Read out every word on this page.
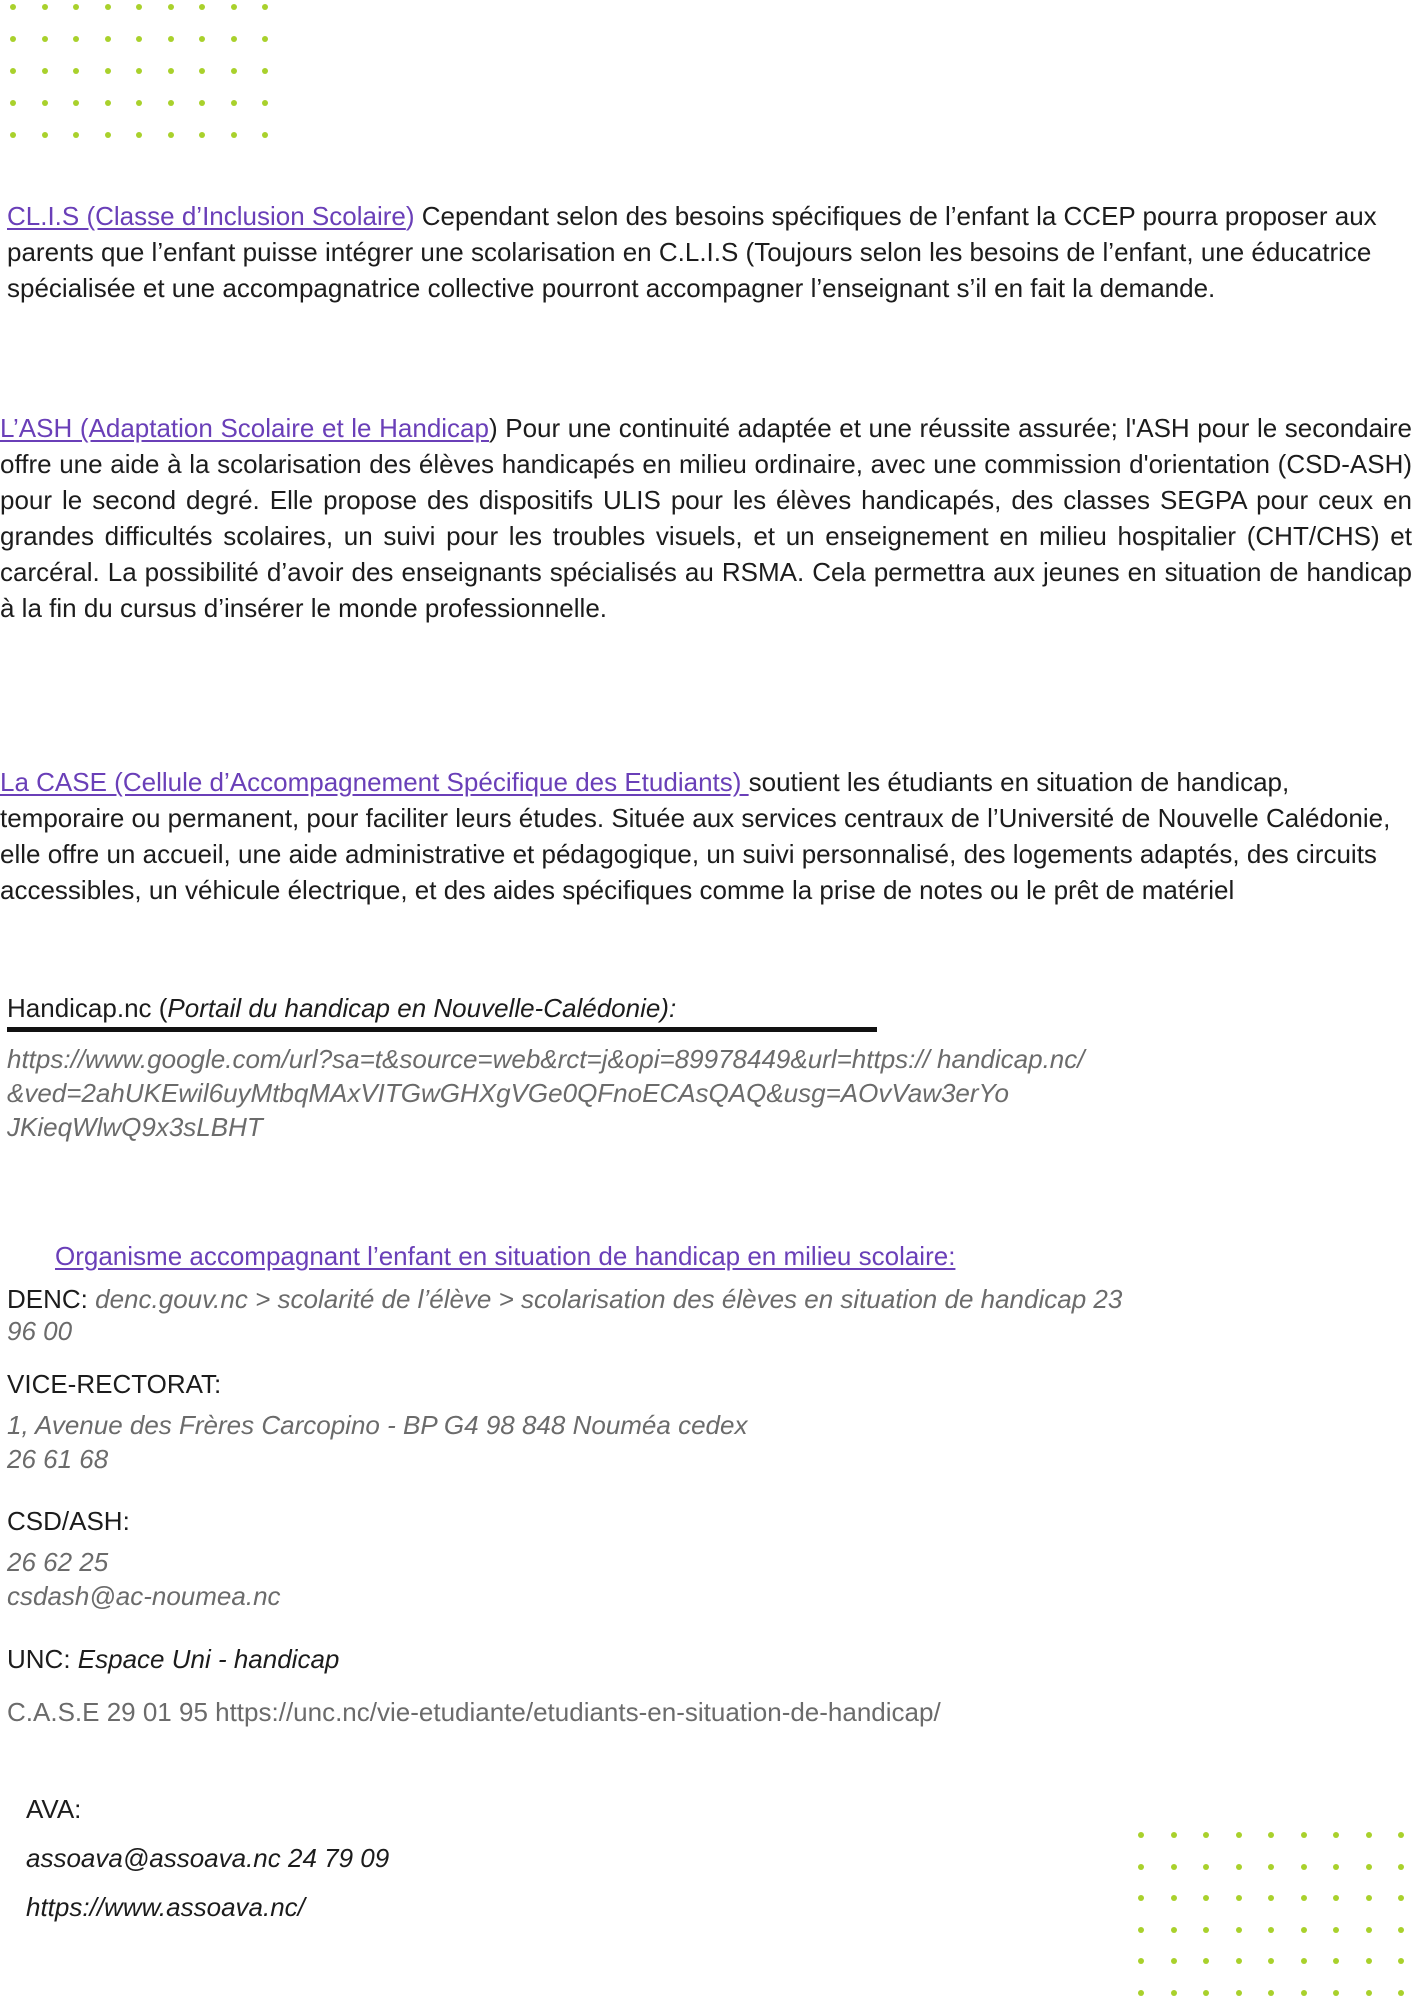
CL.I.S (Classe d’Inclusion Scolaire) Cependant selon des besoins spécifiques de l’enfant la CCEP pourra proposer aux parents que l’enfant puisse intégrer une scolarisation en C.L.I.S (Toujours selon les besoins de l’enfant, une éducatrice spécialisée et une accompagnatrice collective pourront accompagner l’enseignant s’il en fait la demande.

L’ASH (Adaptation Scolaire et le Handicap) Pour une continuité adaptée et une réussite assurée; l'ASH pour le secondaire offre une aide à la scolarisation des élèves handicapés en milieu ordinaire, avec une commission d'orientation (CSD-ASH) pour le second degré. Elle propose des dispositifs ULIS pour les élèves handicapés, des classes SEGPA pour ceux en grandes difficultés scolaires, un suivi pour les troubles visuels, et un enseignement en milieu hospitalier (CHT/CHS) et carcéral. La possibilité d’avoir des enseignants spécialisés au RSMA. Cela permettra aux jeunes en situation de handicap à la fin du cursus d’insérer le monde professionnelle.

La CASE (Cellule d’Accompagnement Spécifique des Etudiants) soutient les étudiants en situation de handicap, temporaire ou permanent, pour faciliter leurs études. Située aux services centraux de l’Université de Nouvelle Calédonie, elle offre un accueil, une aide administrative et pédagogique, un suivi personnalisé, des logements adaptés, des circuits accessibles, un véhicule électrique, et des aides spécifiques comme la prise de notes ou le prêt de matériel

Handicap.nc (Portail du handicap en Nouvelle-Calédonie):

https://www.google.com/url?sa=t&source=web&rct=j&opi=89978449&url=https:// handicap.nc/
&ved=2ahUKEwil6uyMtbqMAxVITGwGHXgVGe0QFnoECAsQAQ&usg=AOvVaw3erYo
JKieqWlwQ9x3sLBHT

Organisme accompagnant l’enfant en situation de handicap en milieu scolaire:

DENC: denc.gouv.nc > scolarité de l’élève > scolarisation des élèves en situation de handicap 23
96 00

VICE-RECTORAT:

1, Avenue des Frères Carcopino - BP G4 98 848 Nouméa cedex
26 61 68

CSD/ASH:

26 62 25
csdash@ac-noumea.nc

UNC: Espace Uni - handicap

C.A.S.E 29 01 95 https://unc.nc/vie-etudiante/etudiants-en-situation-de-handicap/

AVA:

assoava@assoava.nc 24 79 09

https://www.assoava.nc/
